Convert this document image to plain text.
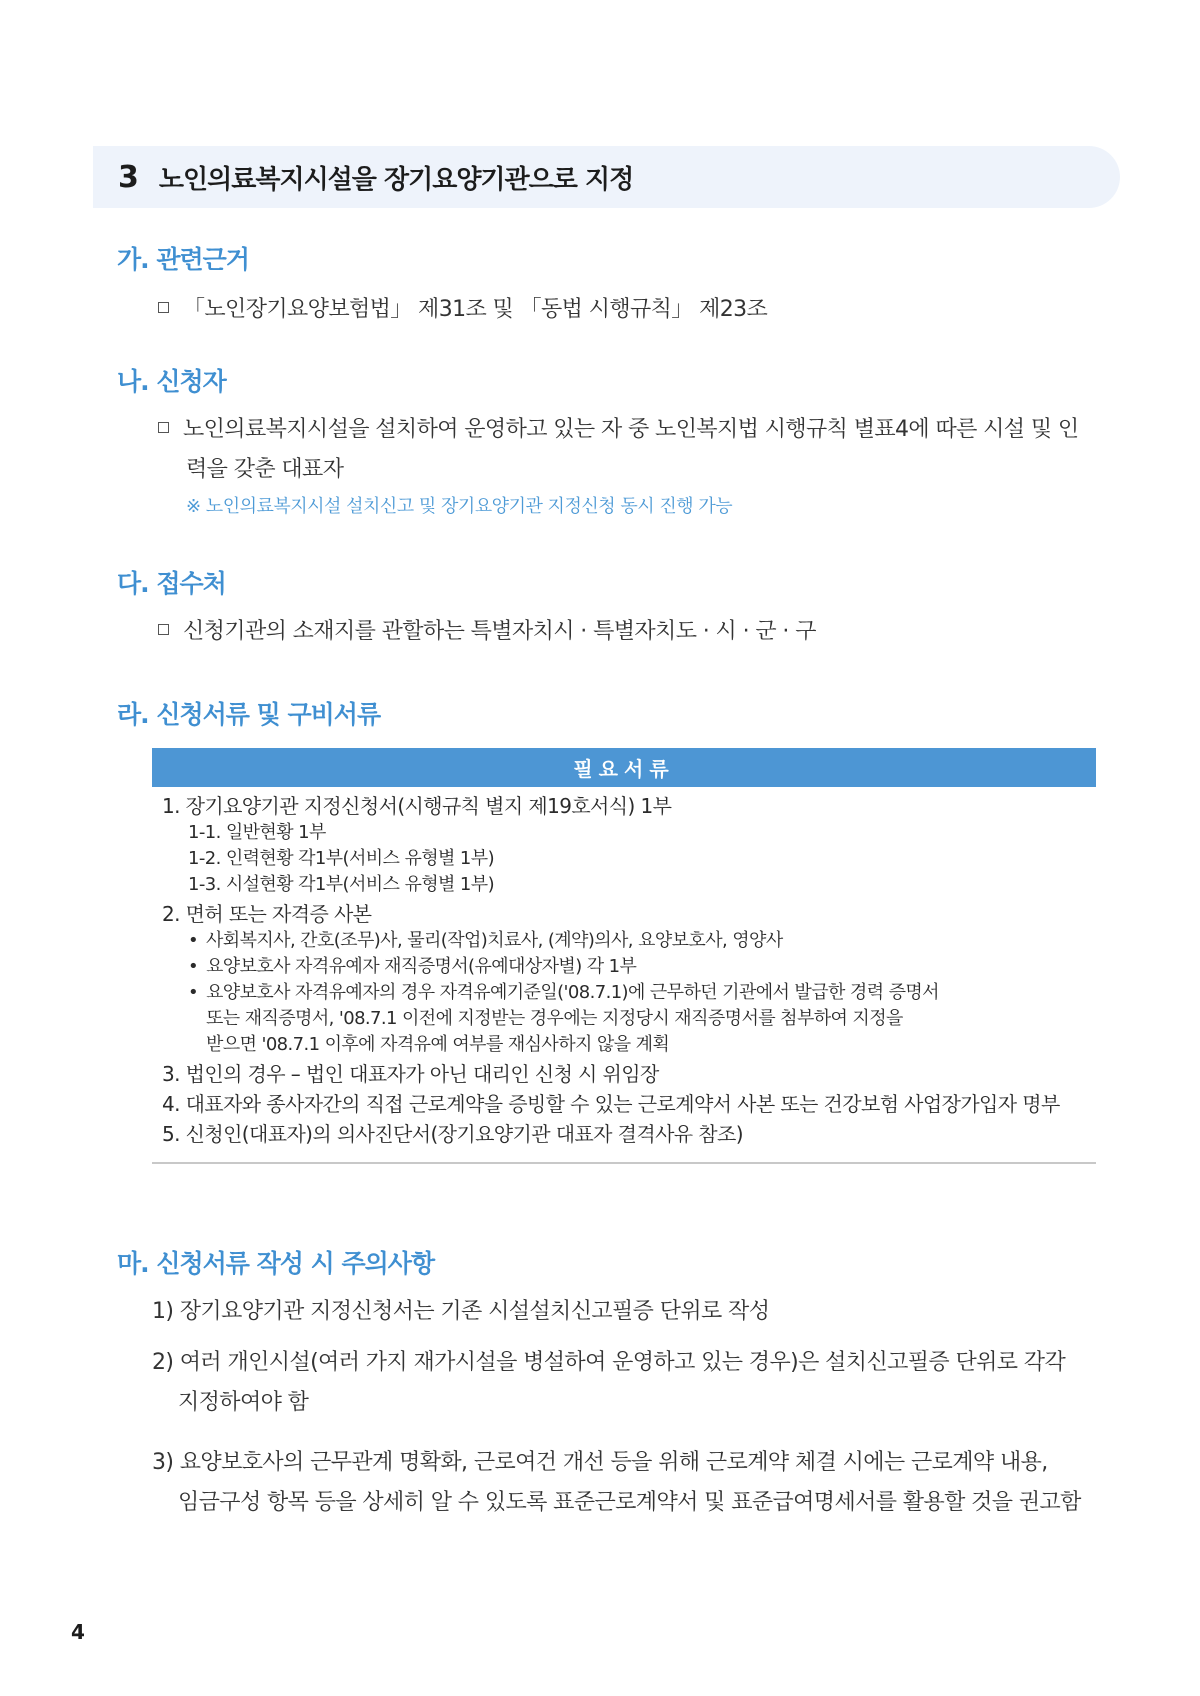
3 노인의료복지시설을 장기요양기관으로 지정
가. 관련근거
「노인장기요양보험법」 제31조 및 「동법 시행규칙」 제23조
나. 신청자
노인의료복지시설을 설치하여 운영하고 있는 자 중 노인복지법 시행규칙 별표4에 따른 시설 및 인
력을 갖춘 대표자
※ 노인의료복지시설 설치신고 및 장기요양기관 지정신청 동시 진행 가능
다. 접수처
신청기관의 소재지를 관할하는 특별자치시 · 특별자치도 · 시 · 군 · 구
라. 신청서류 및 구비서류
필요서류
1. 장기요양기관 지정신청서(시행규칙 별지 제19호서식) 1부
1-1. 일반현황 1부
1-2. 인력현황 각1부(서비스 유형별 1부)
1-3. 시설현황 각1부(서비스 유형별 1부)
2. 면허 또는 자격증 사본
• 사회복지사, 간호(조무)사, 물리(작업)치료사, (계약)의사, 요양보호사, 영양사
• 요양보호사 자격유예자 재직증명서(유예대상자별) 각 1부
• 요양보호사 자격유예자의 경우 자격유예기준일('08.7.1)에 근무하던 기관에서 발급한 경력 증명서
또는 재직증명서, '08.7.1 이전에 지정받는 경우에는 지정당시 재직증명서를 첨부하여 지정을
받으면 '08.7.1 이후에 자격유예 여부를 재심사하지 않을 계획
3. 법인의 경우 – 법인 대표자가 아닌 대리인 신청 시 위임장
4. 대표자와 종사자간의 직접 근로계약을 증빙할 수 있는 근로계약서 사본 또는 건강보험 사업장가입자 명부
5. 신청인(대표자)의 의사진단서(장기요양기관 대표자 결격사유 참조)
마. 신청서류 작성 시 주의사항
1) 장기요양기관 지정신청서는 기존 시설설치신고필증 단위로 작성
2) 여러 개인시설(여러 가지 재가시설을 병설하여 운영하고 있는 경우)은 설치신고필증 단위로 각각
지정하여야 함
3) 요양보호사의 근무관계 명확화, 근로여건 개선 등을 위해 근로계약 체결 시에는 근로계약 내용,
임금구성 항목 등을 상세히 알 수 있도록 표준근로계약서 및 표준급여명세서를 활용할 것을 권고함
4
